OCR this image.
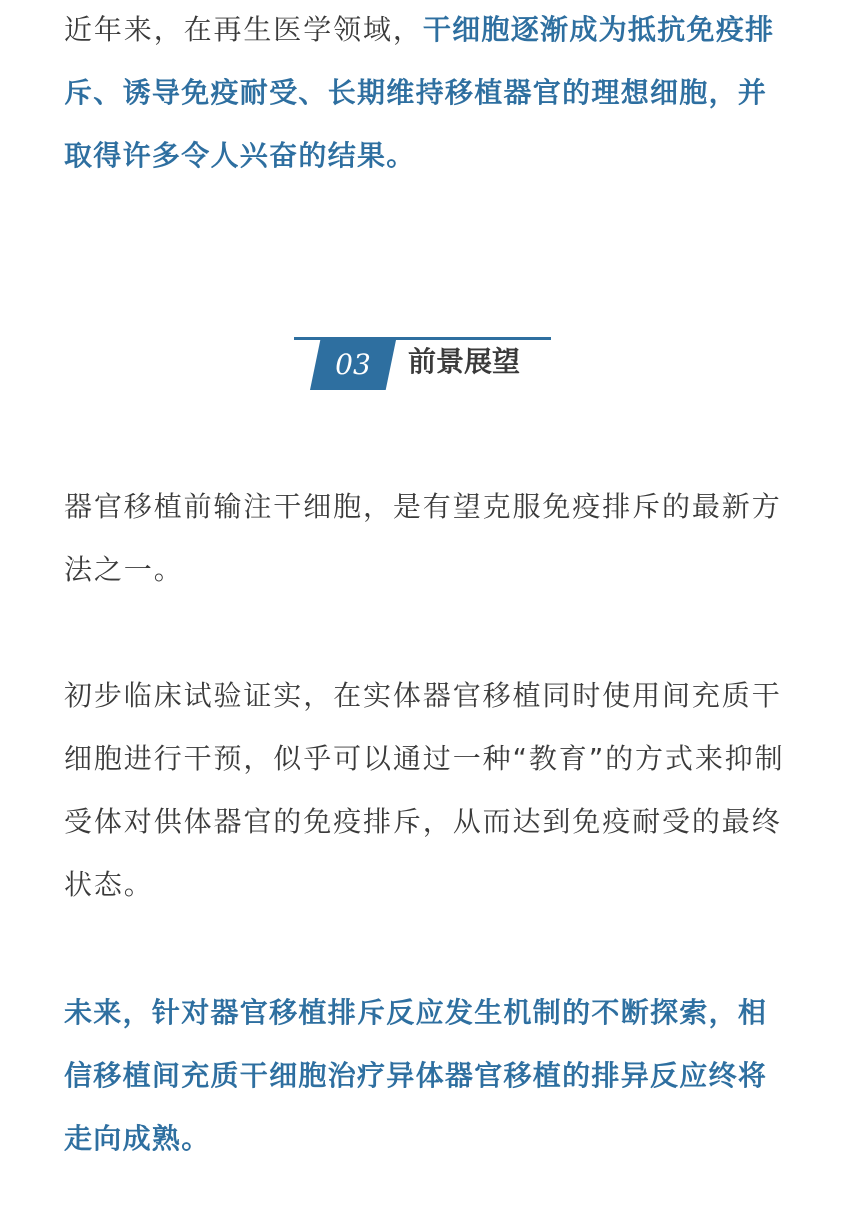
近年来，在再生医学领域，干细胞逐渐成为抵抗免疫排斥、诱导免疫耐受、长期维持移植器官的理想细胞，并取得许多令人兴奋的结果。

03	前景展望

器官移植前输注干细胞，是有望克服免疫排斥的最新方法之一。

初步临床试验证实，在实体器官移植同时使用间充质干细胞进行干预，似乎可以通过一种“教育”的方式来抑制受体对供体器官的免疫排斥，从而达到免疫耐受的最终状态。

未来，针对器官移植排斥反应发生机制的不断探索，相信移植间充质干细胞治疗异体器官移植的排异反应终将走向成熟。
